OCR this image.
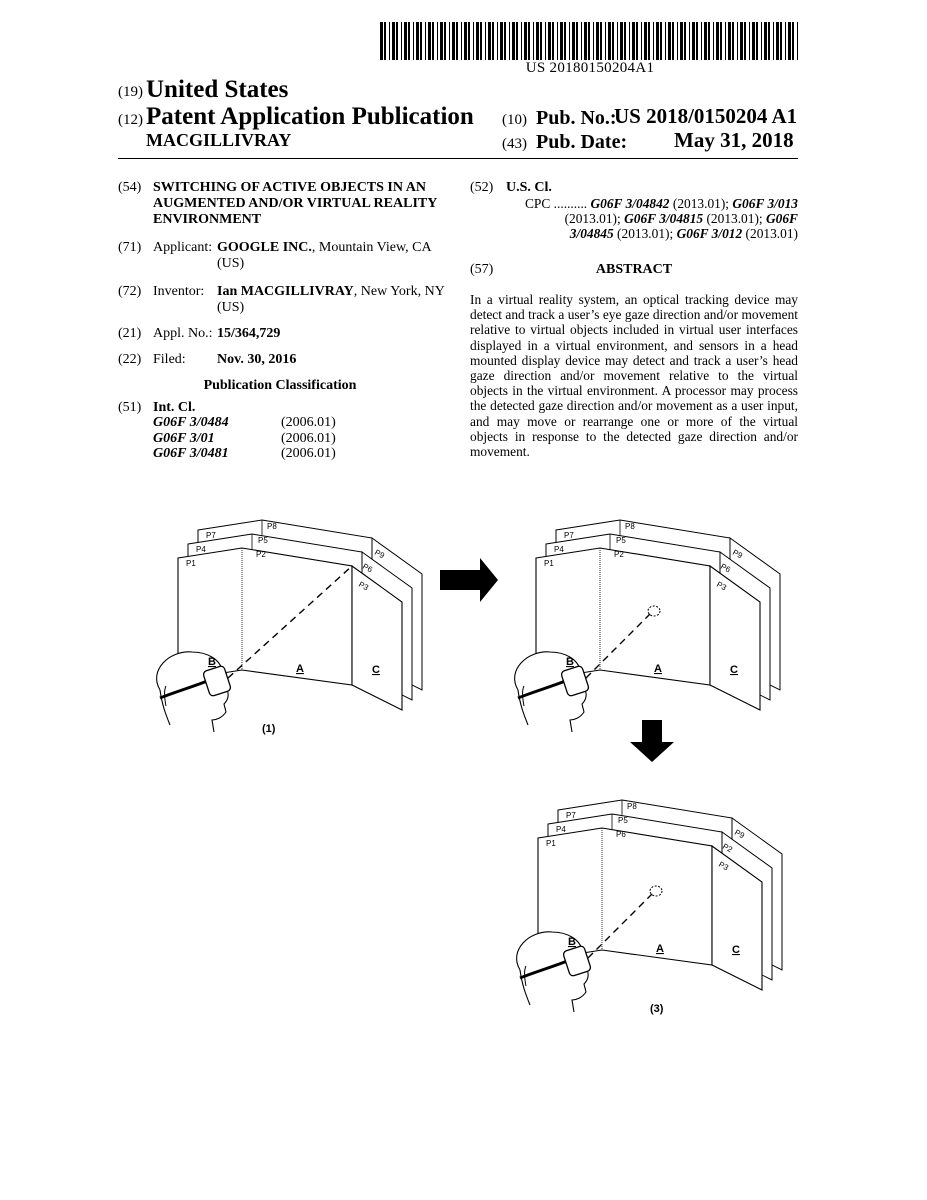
US 20180150204A1
(19) United States
(12) Patent Application Publication
MACGILLIVRAY
(10) Pub. No.:
US 2018/0150204 A1
(43) Pub. Date: May 31, 2018
(54) SWITCHING OF ACTIVE OBJECTS IN AN
AUGMENTED AND/OR VIRTUAL REALITY
ENVIRONMENT
(71) Applicant: GOOGLE INC., Mountain View, CA
(US)
(72) Inventor: Ian MACGILLIVRAY, New York, NY
(US)
(21) Appl. No.: 15/364,729
(22) Filed: Nov. 30, 2016
Publication Classification
(51) Int. Cl.
G06F 3/0484	(2006.01)
G06F 3/01	(2006.01)
G06F 3/0481	(2006.01)
(52) U.S. Cl.
CPC .......... G06F 3/04842 (2013.01); G06F 3/013
(2013.01); G06F 3/04815 (2013.01); G06F
3/04845 (2013.01); G06F 3/012 (2013.01)
(57)	ABSTRACT
In a virtual reality system, an optical tracking device may detect and track a user’s eye gaze direction and/or movement relative to virtual objects included in virtual user interfaces displayed in a virtual environment, and sensors in a head mounted display device may detect and track a user’s head gaze direction and/or movement relative to the virtual objects in the virtual environment. A processor may process the detected gaze direction and/or movement as a user input, and may move or rearrange one or more of the virtual objects in response to the detected gaze direction and/or movement.
P1
P2
P3
P4
P5
P6
P7
P8
P9
B
A	C
(1)
P1
P2
P3
P4
P5
P6
P7
P8
P9
B
A	C
P1
P6
P3
P4
P5
P2
P7
P8
P9
B
A	C
(3)
